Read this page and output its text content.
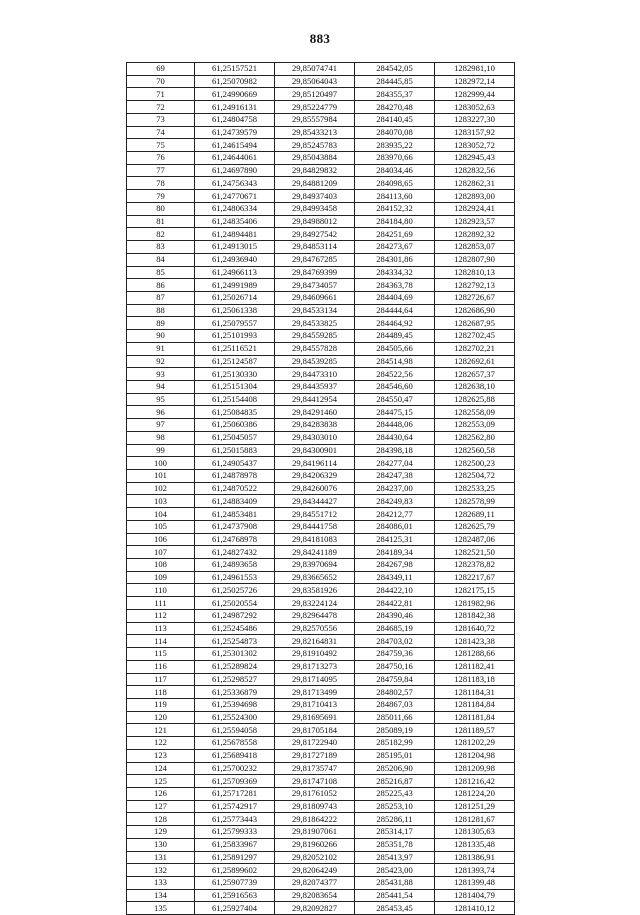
883
69	61,25157521	29,85074741	284542,05	1282981,10
70	61,25070982	29,85064043	284445,85	1282972,14
71	61,24990669	29,85120497	284355,37	1282999,44
72	61,24916131	29,85224779	284270,48	1283052,63
73	61,24804758	29,85557984	284140,45	1283227,30
74	61,24739579	29,85433213	284070,08	1283157,92
75	61,24615494	29,85245783	283935,22	1283052,72
76	61,24644061	29,85043884	283970,66	1282945,43
77	61,24697890	29,84829832	284034,46	1282832,56
78	61,24756343	29,84881209	284098,65	1282862,31
79	61,24770671	29,84937403	284113,60	1282893,00
80	61,24806334	29,84993458	284152,32	1282924,41
81	61,24835406	29,84988012	284184,80	1282923,57
82	61,24894481	29,84927542	284251,69	1282892,32
83	61,24913015	29,84853114	284273,67	1282853,07
84	61,24936940	29,84767285	284301,86	1282807,90
85	61,24966113	29,84769399	284334,32	1282810,13
86	61,24991989	29,84734057	284363,78	1282792,13
87	61,25026714	29,84609661	284404,69	1282726,67
88	61,25061338	29,84533134	284444,64	1282686,90
89	61,25079557	29,84533825	284464,92	1282687,95
90	61,25101993	29,84559285	284489,45	1282702,45
91	61,25116521	29,84557828	284505,66	1282702,21
92	61,25124587	29,84539285	284514,98	1282692,61
93	61,25130330	29,84473310	284522,56	1282657,37
94	61,25151304	29,84435937	284546,60	1282638,10
95	61,25154408	29,84412954	284550,47	1282625,88
96	61,25084835	29,84291460	284475,15	1282558,09
97	61,25060386	29,84283838	284448,06	1282553,09
98	61,25045057	29,84303010	284430,64	1282562,80
99	61,25015883	29,84300901	284398,18	1282560,58
100	61,24905437	29,84196114	284277,04	1282500,23
101	61,24878978	29,84206329	284247,38	1282504,72
102	61,24870522	29,84260076	284237,00	1282533,25
103	61,24883409	29,84344427	284249,83	1282578,99
104	61,24853481	29,84551712	284212,77	1282689,11
105	61,24737908	29,84441758	284086,01	1282625,79
106	61,24768978	29,84181083	284125,31	1282487,06
107	61,24827432	29,84241189	284189,34	1282521,50
108	61,24893658	29,83970694	284267,98	1282378,82
109	61,24961553	29,83665652	284349,11	1282217,67
110	61,25025726	29,83581926	284422,10	1282175,15
111	61,25020554	29,83224124	284422,81	1281982,96
112	61,24987292	29,82964478	284390,46	1281842,38
113	61,25245486	29,82570556	284685,19	1281640,72
114	61,25254873	29,82164831	284703,02	1281423,38
115	61,25301302	29,81910492	284759,36	1281288,66
116	61,25289824	29,81713273	284750,16	1281182,41
117	61,25298527	29,81714095	284759,84	1281183,18
118	61,25336879	29,81713499	284802,57	1281184,31
119	61,25394698	29,81710413	284867,03	1281184,84
120	61,25524300	29,81695691	285011,66	1281181,84
121	61,25594058	29,81705184	285089,19	1281189,57
122	61,25678558	29,81722940	285182,99	1281202,29
123	61,25689418	29,81727189	285195,01	1281204,98
124	61,25700232	29,81735747	285206,90	1281209,98
125	61,25709369	29,81747108	285216,87	1281216,42
126	61,25717281	29,81761052	285225,43	1281224,20
127	61,25742917	29,81809743	285253,10	1281251,29
128	61,25773443	29,81864222	285286,11	1281281,67
129	61,25799333	29,81907061	285314,17	1281305,63
130	61,25833967	29,81960266	285351,78	1281335,48
131	61,25891297	29,82052102	285413,97	1281386,91
132	61,25899602	29,82064249	285423,00	1281393,74
133	61,25907739	29,82074377	285431,88	1281399,48
134	61,25916563	29,82083654	285441,54	1281404,79
135	61,25927404	29,82092827	285453,45	1281410,12
